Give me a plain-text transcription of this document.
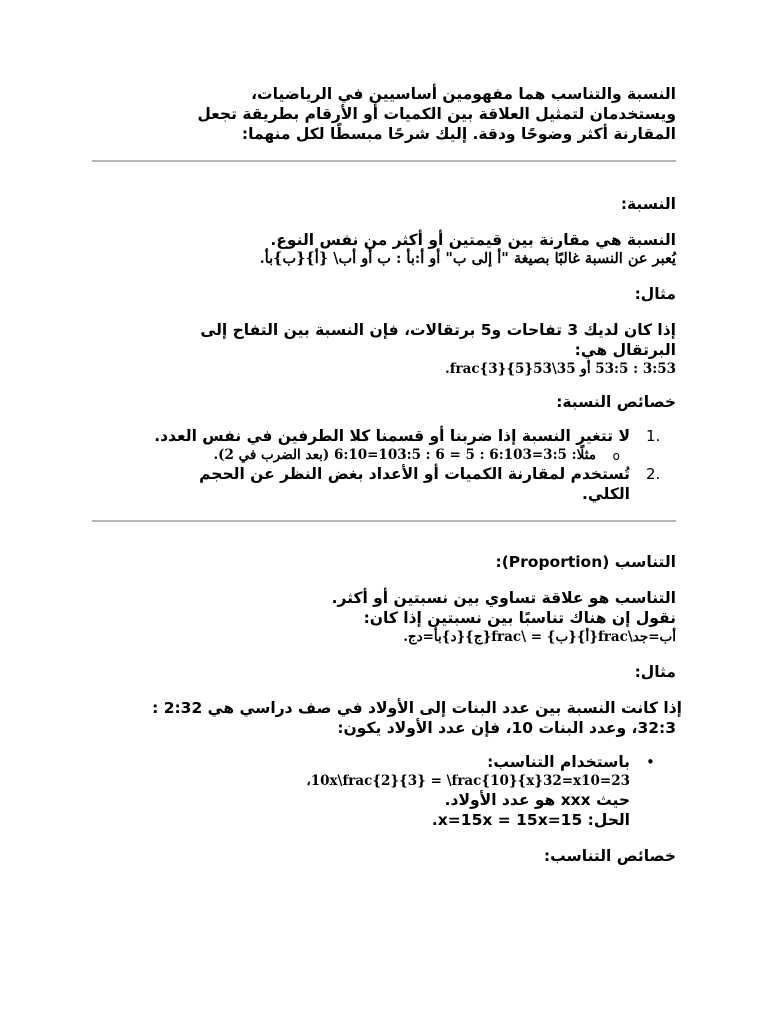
النسبة والتناسب هما مفهومين أساسيين في الرياضيات،

ويستخدمان لتمثيل العلاقة بين الكميات أو الأرقام بطريقة تجعل

المقارنة أكثر وضوحًا ودقة. إليك شرحًا مبسطًا لكل منهما:

النسبة:

النسبة هي مقارنة بين قيمتين أو أكثر من نفس النوع.

يُعبر عن النسبة غالبًا بصيغة "أ إلى ب" أو أ:بأ : ب أو أب\ {أ}{ب}بأ.

مثال:

إذا كان لديك 3 تفاحات و5 برتقالات، فإن النسبة بين التفاح إلى

البرتقال هي:

3:53 : 53:5 أو frac{3}{5}53\35.

خصائص النسبة:

1.

لا تتغير النسبة إذا ضربنا أو قسمنا كلا الطرفين في نفس العدد.

o

مثلًا: 3:5=6:103 : 5 = 6 : 103:5=6:10 (بعد الضرب في 2).

2.

تُستخدم لمقارنة الكميات أو الأعداد بغض النظر عن الحجم

الكلي.

التناسب (Proportion):

التناسب هو علاقة تساوي بين نسبتين أو أكثر.

نقول إن هناك تناسبًا بين نسبتين إذا كان:

أب=جد\frac{أ}{ب} = \frac{ج}{د}بأ=دج.

مثال:

إذا كانت النسبة بين عدد البنات إلى الأولاد في صف دراسي هي 2:32 :

32:3، وعدد البنات 10، فإن عدد الأولاد يكون:

•

باستخدام التناسب:

10x\frac{2}{3} = \frac{10}{x}32=x10=23،

حيث xxx هو عدد الأولاد.

الحل: x=15x = 15x=15.

خصائص التناسب:
